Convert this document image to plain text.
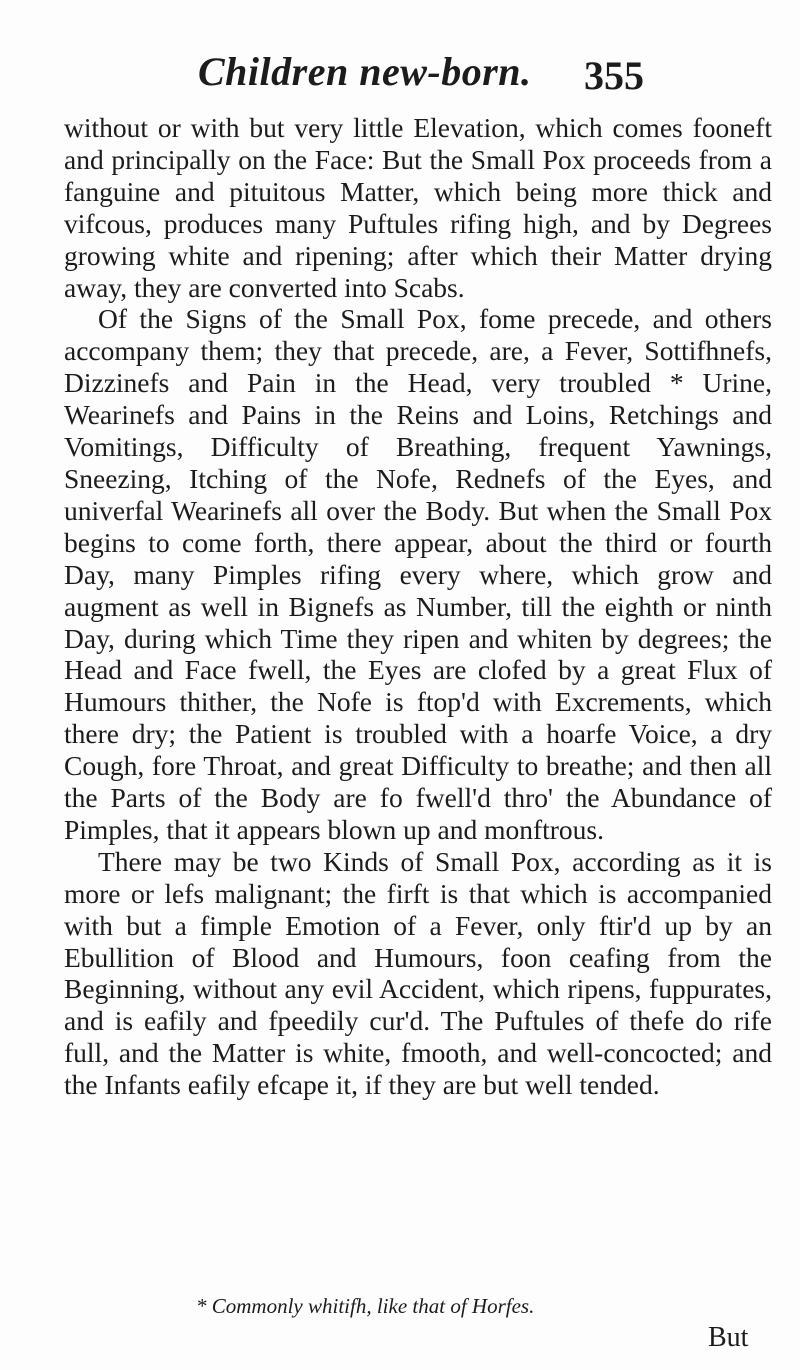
Children new-born. 355

without or with but very little Elevation, which comes fooneft and principally on the Face: But the Small Pox proceeds from a fanguine and pituitous Matter, which being more thick and vifcous, produces many Puftules rifing high, and by Degrees growing white and ripening; after which their Matter drying away, they are converted into Scabs.

Of the Signs of the Small Pox, fome precede, and others accompany them; they that precede, are, a Fever, Sottifhnefs, Dizzinefs and Pain in the Head, very troubled * Urine, Wearinefs and Pains in the Reins and Loins, Retchings and Vomitings, Difficulty of Breathing, frequent Yawnings, Sneezing, Itching of the Nofe, Rednefs of the Eyes, and univerfal Wearinefs all over the Body. But when the Small Pox begins to come forth, there appear, about the third or fourth Day, many Pimples rifing every where, which grow and augment as well in Bignefs as Number, till the eighth or ninth Day, during which Time they ripen and whiten by degrees; the Head and Face fwell, the Eyes are clofed by a great Flux of Humours thither, the Nofe is ftop'd with Excrements, which there dry; the Patient is troubled with a hoarfe Voice, a dry Cough, fore Throat, and great Difficulty to breathe; and then all the Parts of the Body are fo fwell'd thro' the Abundance of Pimples, that it appears blown up and monftrous.

There may be two Kinds of Small Pox, according as it is more or lefs malignant; the firft is that which is accompanied with but a fimple Emotion of a Fever, only ftir'd up by an Ebullition of Blood and Humours, foon ceafing from the Beginning, without any evil Accident, which ripens, fuppurates, and is eafily and fpeedily cur'd. The Puftules of thefe do rife full, and the Matter is white, fmooth, and well-concocted; and the Infants eafily efcape it, if they are but well tended.

* Commonly whitifh, like that of Horfes.
But
